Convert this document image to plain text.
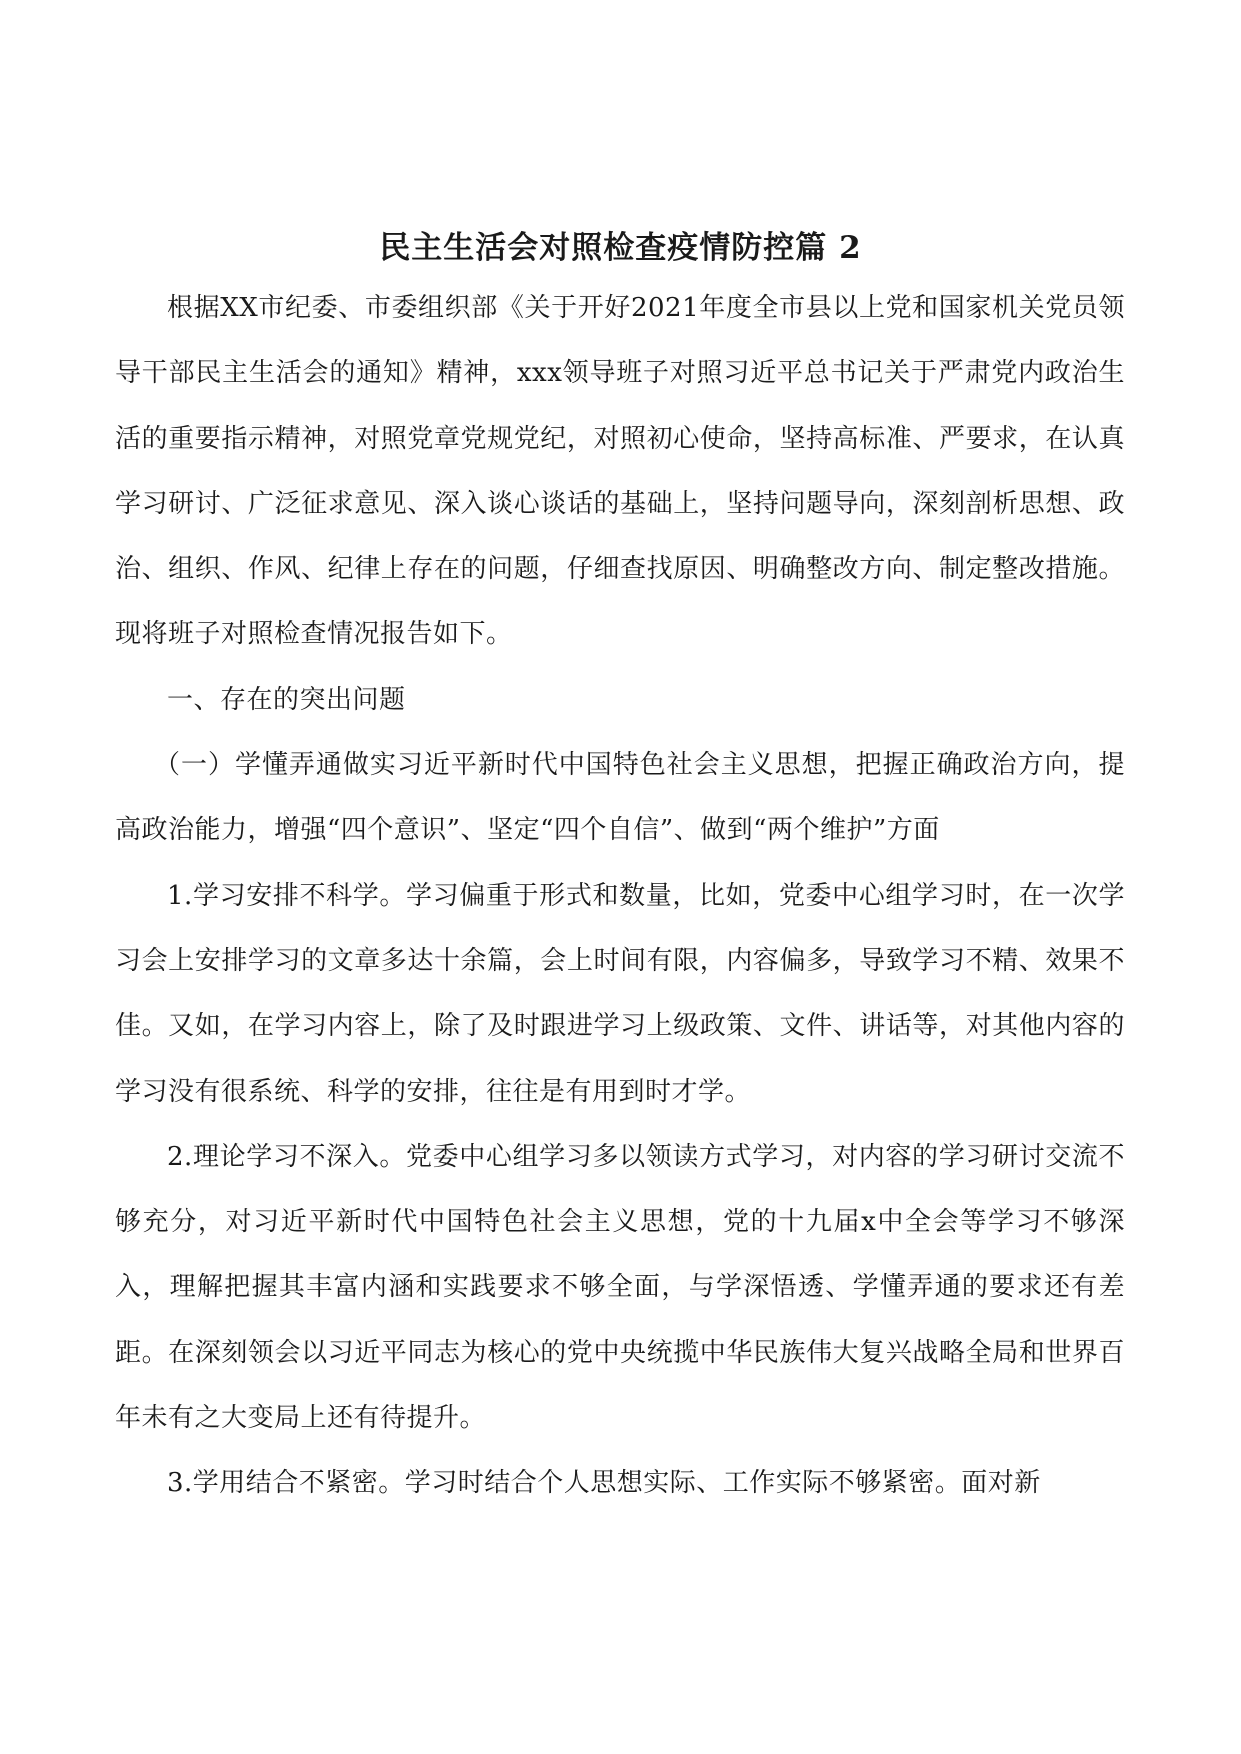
民主生活会对照检查疫情防控篇 2

根据XX市纪委、市委组织部《关于开好2021年度全市县以上党和国家机关党员领导干部民主生活会的通知》精神，xxx领导班子对照习近平总书记关于严肃党内政治生活的重要指示精神，对照党章党规党纪，对照初心使命，坚持高标准、严要求，在认真学习研讨、广泛征求意见、深入谈心谈话的基础上，坚持问题导向，深刻剖析思想、政治、组织、作风、纪律上存在的问题，仔细查找原因、明确整改方向、制定整改措施。现将班子对照检查情况报告如下。

一、存在的突出问题

（一）学懂弄通做实习近平新时代中国特色社会主义思想，把握正确政治方向，提高政治能力，增强“四个意识”、坚定“四个自信”、做到“两个维护”方面

1.学习安排不科学。学习偏重于形式和数量，比如，党委中心组学习时，在一次学习会上安排学习的文章多达十余篇，会上时间有限，内容偏多，导致学习不精、效果不佳。又如，在学习内容上，除了及时跟进学习上级政策、文件、讲话等，对其他内容的学习没有很系统、科学的安排，往往是有用到时才学。

2.理论学习不深入。党委中心组学习多以领读方式学习，对内容的学习研讨交流不够充分，对习近平新时代中国特色社会主义思想，党的十九届x中全会等学习不够深入，理解把握其丰富内涵和实践要求不够全面，与学深悟透、学懂弄通的要求还有差距。在深刻领会以习近平同志为核心的党中央统揽中华民族伟大复兴战略全局和世界百年未有之大变局上还有待提升。

3.学用结合不紧密。学习时结合个人思想实际、工作实际不够紧密。面对新
